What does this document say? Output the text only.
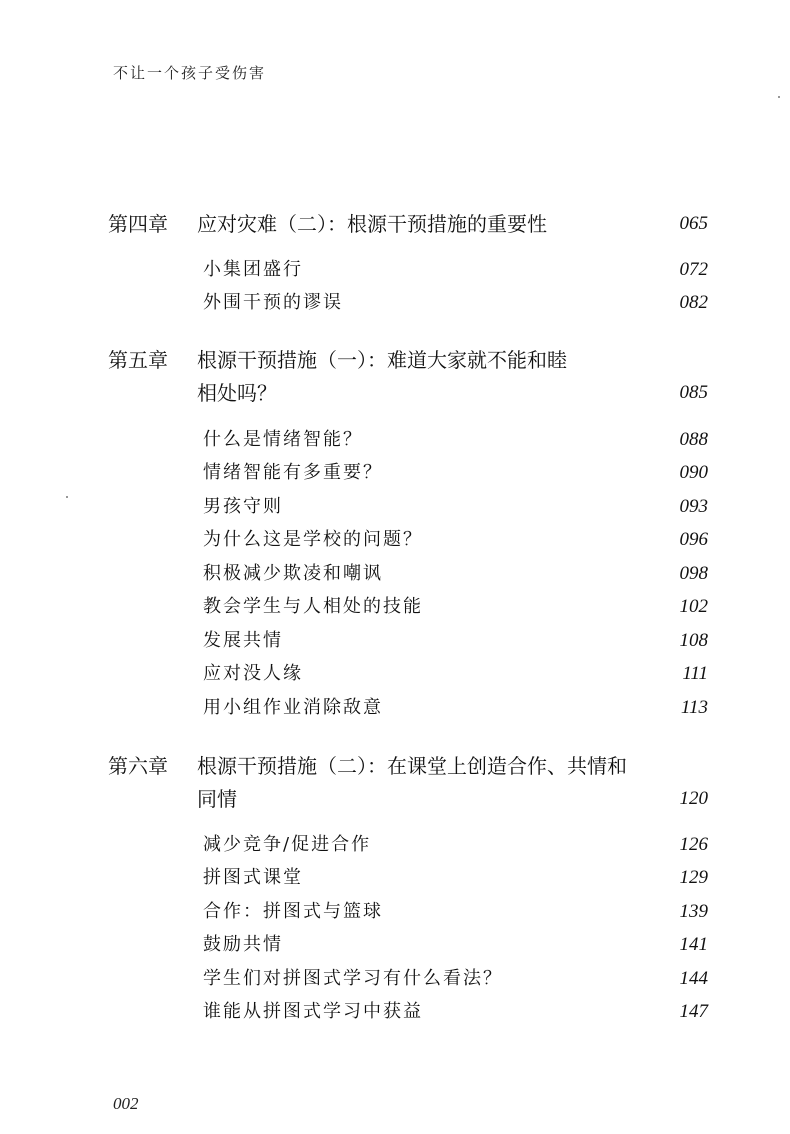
不让一个孩子受伤害
第四章 应对灾难（二）：根源干预措施的重要性	065
小集团盛行	072
外围干预的谬误	082
第五章 根源干预措施（一）：难道大家就不能和睦
相处吗？	085
什么是情绪智能？	088
情绪智能有多重要？	090
男孩守则	093
为什么这是学校的问题？	096
积极减少欺凌和嘲讽	098
教会学生与人相处的技能	102
发展共情	108
应对没人缘	111
用小组作业消除敌意	113
第六章 根源干预措施（二）：在课堂上创造合作、共情和
同情	120
减少竞争/促进合作	126
拼图式课堂	129
合作：拼图式与篮球	139
鼓励共情	141
学生们对拼图式学习有什么看法？	144
谁能从拼图式学习中获益	147
002
